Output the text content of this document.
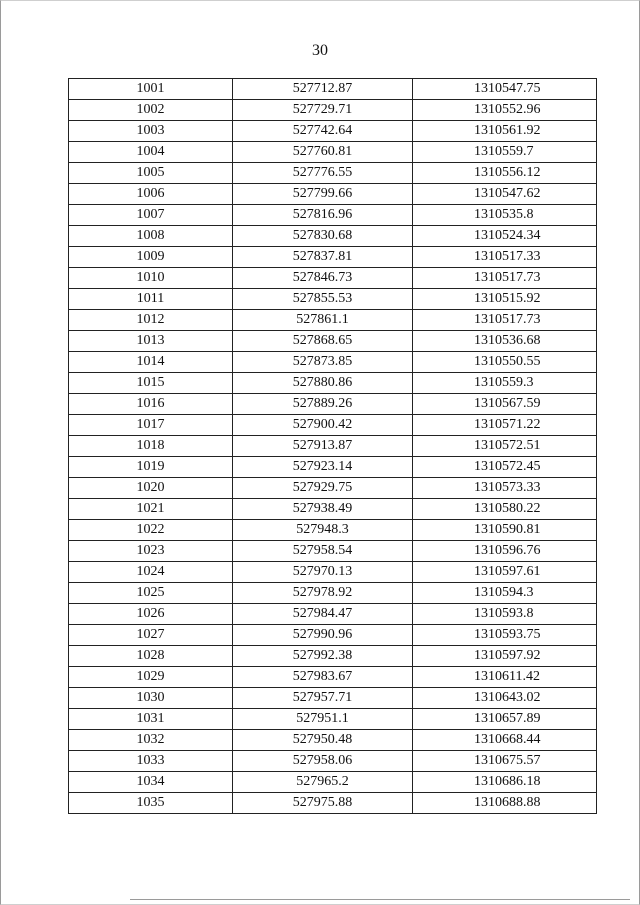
30
1001	527712.87	1310547.75
1002	527729.71	1310552.96
1003	527742.64	1310561.92
1004	527760.81	1310559.7
1005	527776.55	1310556.12
1006	527799.66	1310547.62
1007	527816.96	1310535.8
1008	527830.68	1310524.34
1009	527837.81	1310517.33
1010	527846.73	1310517.73
1011	527855.53	1310515.92
1012	527861.1	1310517.73
1013	527868.65	1310536.68
1014	527873.85	1310550.55
1015	527880.86	1310559.3
1016	527889.26	1310567.59
1017	527900.42	1310571.22
1018	527913.87	1310572.51
1019	527923.14	1310572.45
1020	527929.75	1310573.33
1021	527938.49	1310580.22
1022	527948.3	1310590.81
1023	527958.54	1310596.76
1024	527970.13	1310597.61
1025	527978.92	1310594.3
1026	527984.47	1310593.8
1027	527990.96	1310593.75
1028	527992.38	1310597.92
1029	527983.67	1310611.42
1030	527957.71	1310643.02
1031	527951.1	1310657.89
1032	527950.48	1310668.44
1033	527958.06	1310675.57
1034	527965.2	1310686.18
1035	527975.88	1310688.88
